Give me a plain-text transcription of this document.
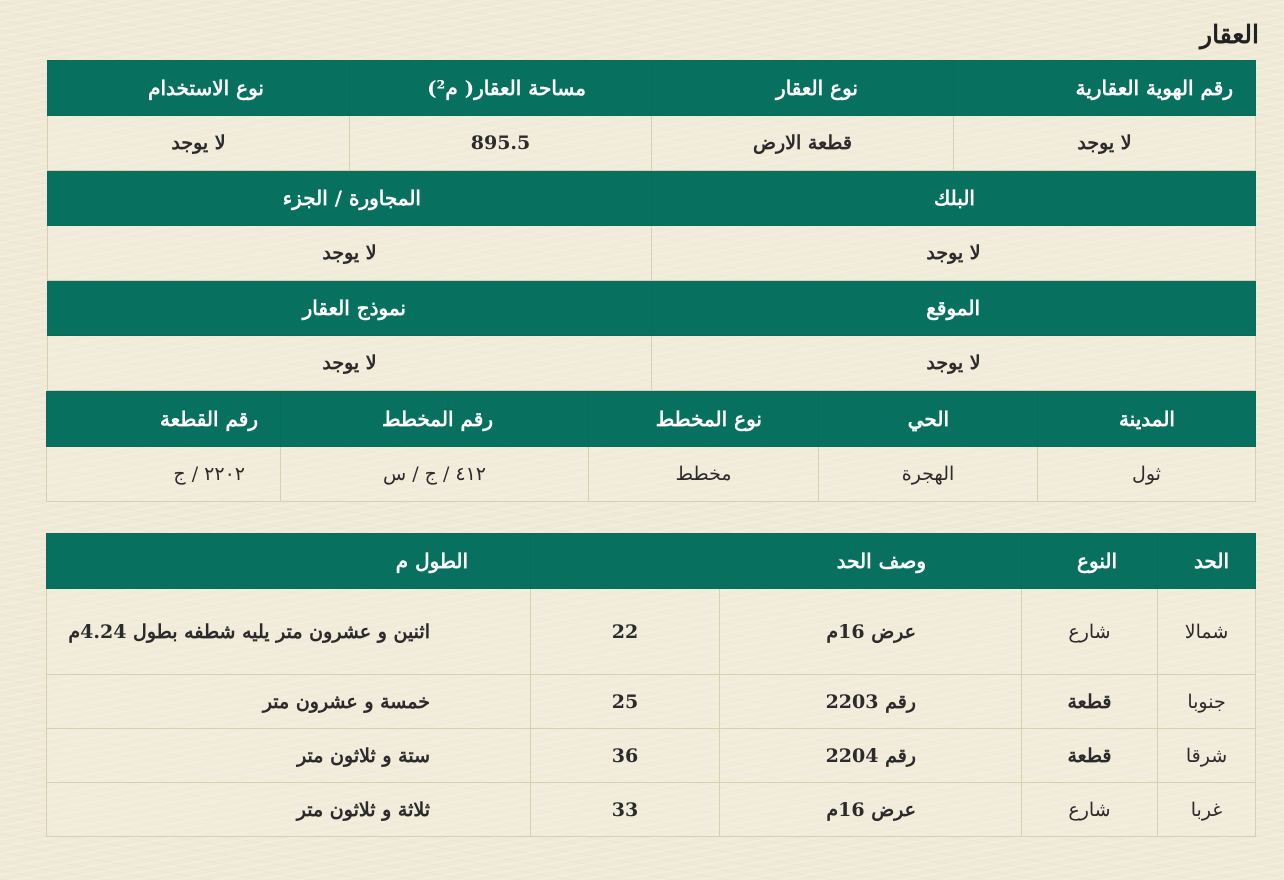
العقار
رقم الهوية العقارية	نوع العقار	مساحة العقار( م²)	نوع الاستخدام
لا يوجد	قطعة الارض	895.5	لا يوجد
البلك		المجاورة / الجزء	
لا يوجد		لا يوجد	
الموقع		نموذج العقار	
لا يوجد		لا يوجد	
المدينة	الحي	نوع المخطط	رقم المخطط	رقم القطعة
ثول	الهجرة	مخطط	٤١٢ / ج / س	٢٢٠٢ / ج
الحد	النوع	وصف الحد		الطول م
شمالا	شارع	عرض 16م	22	اثنين و عشرون متر يليه شطفه بطول 4.24م
جنوبا	قطعة	رقم 2203	25	خمسة و عشرون متر
شرقا	قطعة	رقم 2204	36	ستة و ثلاثون متر
غربا	شارع	عرض 16م	33	ثلاثة و ثلاثون متر
